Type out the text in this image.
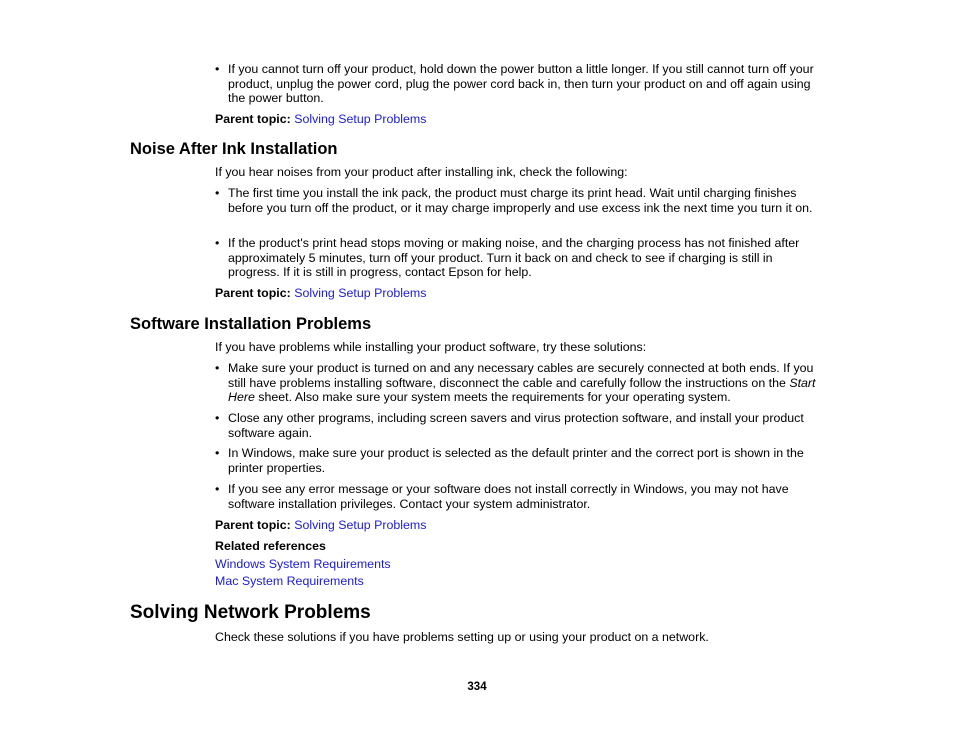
• If you cannot turn off your product, hold down the power button a little longer. If you still cannot turn off your product, unplug the power cord, plug the power cord back in, then turn your product on and off again using the power button.

Parent topic: Solving Setup Problems

Noise After Ink Installation

If you hear noises from your product after installing ink, check the following:

• The first time you install the ink pack, the product must charge its print head. Wait until charging finishes before you turn off the product, or it may charge improperly and use excess ink the next time you turn it on.
• If the product's print head stops moving or making noise, and the charging process has not finished after approximately 5 minutes, turn off your product. Turn it back on and check to see if charging is still in progress. If it is still in progress, contact Epson for help.

Parent topic: Solving Setup Problems

Software Installation Problems

If you have problems while installing your product software, try these solutions:

• Make sure your product is turned on and any necessary cables are securely connected at both ends. If you still have problems installing software, disconnect the cable and carefully follow the instructions on the Start Here sheet. Also make sure your system meets the requirements for your operating system.
• Close any other programs, including screen savers and virus protection software, and install your product software again.
• In Windows, make sure your product is selected as the default printer and the correct port is shown in the printer properties.
• If you see any error message or your software does not install correctly in Windows, you may not have software installation privileges. Contact your system administrator.

Parent topic: Solving Setup Problems

Related references

Windows System Requirements
Mac System Requirements
Solving Network Problems

Check these solutions if you have problems setting up or using your product on a network.

334
